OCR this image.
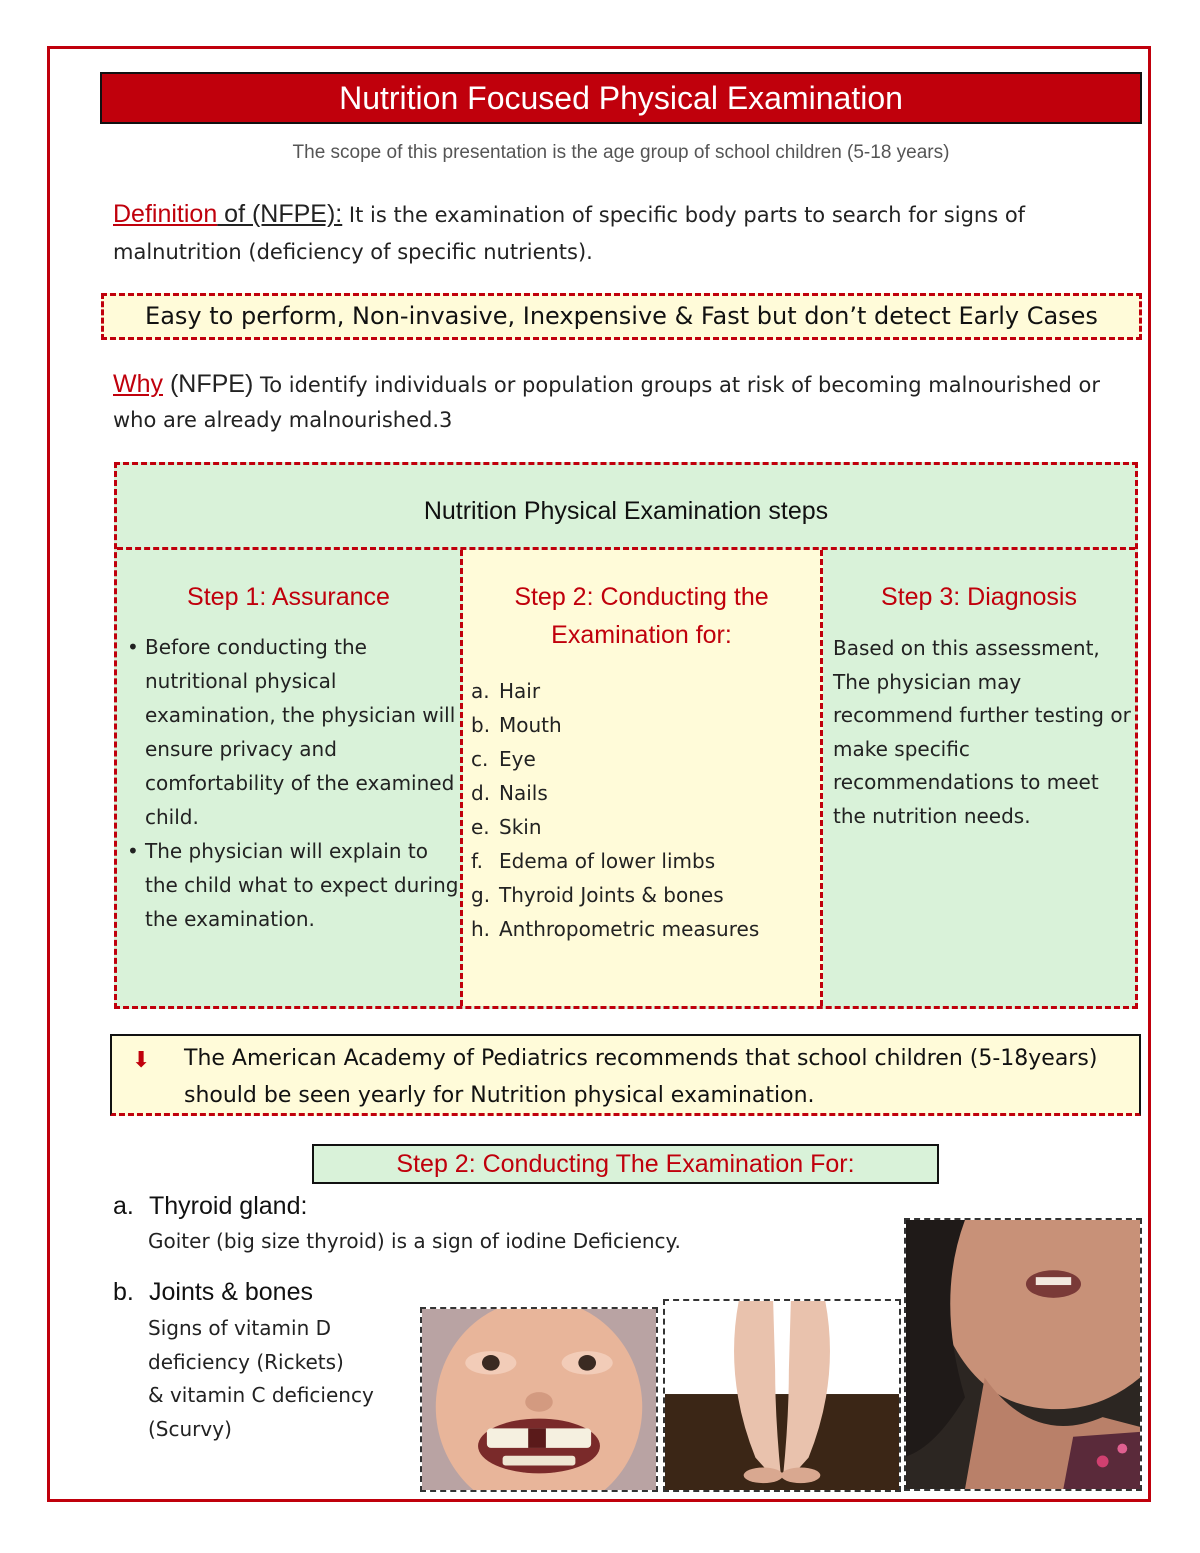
Nutrition Focused Physical Examination
The scope of this presentation is the age group of school children (5-18 years)
Definition of (NFPE): It is the examination of specific body parts to search for signs of malnutrition (deficiency of specific nutrients).
Easy to perform, Non-invasive, Inexpensive & Fast but don’t detect Early Cases
Why (NFPE) To identify individuals or population groups at risk of becoming malnourished or who are already malnourished.3
Nutrition Physical Examination steps
Step 1: Assurance
• Before conducting the nutritional physical examination, the physician will ensure privacy and comfortability of the examined child.
• The physician will explain to the child what to expect during the examination.
Step 2: Conducting the Examination for:
a. Hair
b. Mouth
c. Eye
d. Nails
e. Skin
f. Edema of lower limbs
g. Thyroid Joints & bones
h. Anthropometric measures
Step 3: Diagnosis
Based on this assessment, The physician may recommend further testing or make specific recommendations to meet the nutrition needs.
⬇ The American Academy of Pediatrics recommends that school children (5-18years) should be seen yearly for Nutrition physical examination.
Step 2: Conducting The Examination For:
a. Thyroid gland:
Goiter (big size thyroid) is a sign of iodine Deficiency.
b. Joints & bones
Signs of vitamin D
deficiency (Rickets)
& vitamin C deficiency
(Scurvy)
